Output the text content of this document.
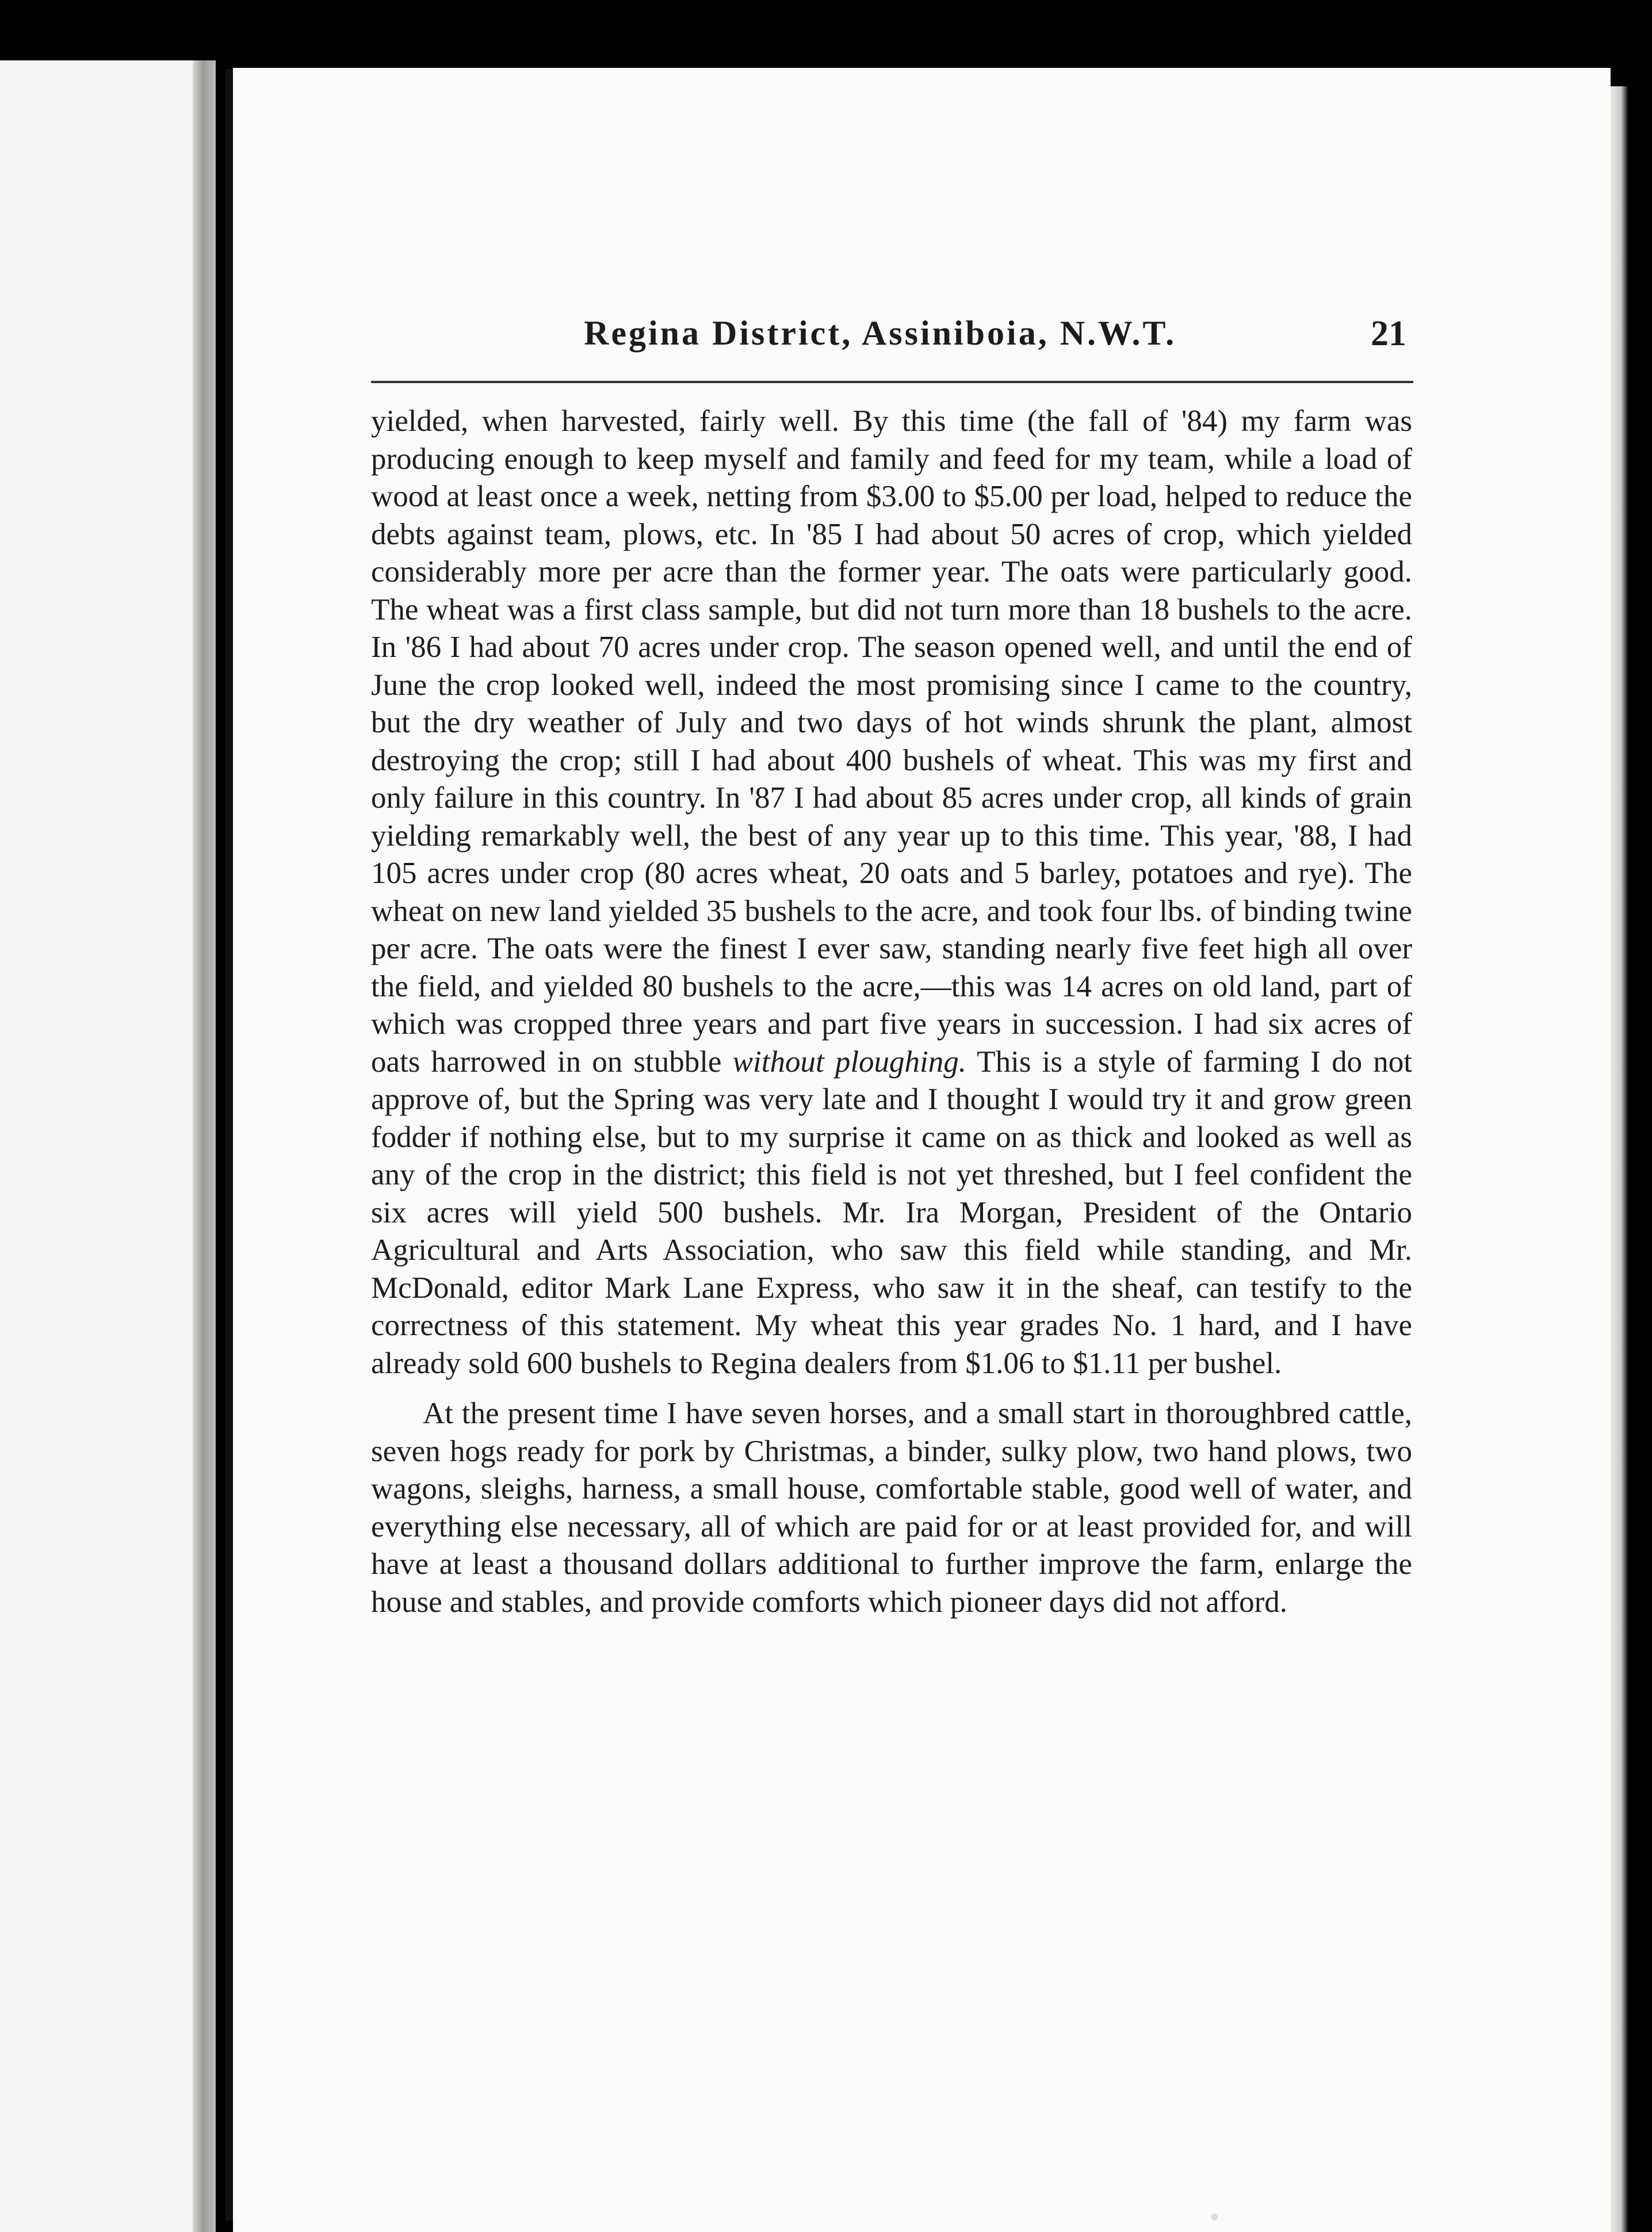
Regina District, Assiniboia, N.W.T.	21

yielded, when harvested, fairly well. By this time (the fall of '84) my farm was producing enough to keep myself and family and feed for my team, while a load of wood at least once a week, netting from $3.00 to $5.00 per load, helped to reduce the debts against team, plows, etc. In '85 I had about 50 acres of crop, which yielded considerably more per acre than the former year. The oats were particularly good. The wheat was a first class sample, but did not turn more than 18 bushels to the acre. In '86 I had about 70 acres under crop. The season opened well, and until the end of June the crop looked well, indeed the most promising since I came to the country, but the dry weather of July and two days of hot winds shrunk the plant, almost destroying the crop; still I had about 400 bushels of wheat. This was my first and only failure in this country. In '87 I had about 85 acres under crop, all kinds of grain yielding remarkably well, the best of any year up to this time. This year, '88, I had 105 acres under crop (80 acres wheat, 20 oats and 5 barley, potatoes and rye). The wheat on new land yielded 35 bushels to the acre, and took four lbs. of binding twine per acre. The oats were the finest I ever saw, standing nearly five feet high all over the field, and yielded 80 bushels to the acre,—this was 14 acres on old land, part of which was cropped three years and part five years in succession. I had six acres of oats harrowed in on stubble without ploughing. This is a style of farming I do not approve of, but the Spring was very late and I thought I would try it and grow green fodder if nothing else, but to my surprise it came on as thick and looked as well as any of the crop in the district; this field is not yet threshed, but I feel confident the six acres will yield 500 bushels. Mr. Ira Morgan, President of the Ontario Agricultural and Arts Association, who saw this field while standing, and Mr. McDonald, editor Mark Lane Express, who saw it in the sheaf, can testify to the correctness of this statement. My wheat this year grades No. 1 hard, and I have already sold 600 bushels to Regina dealers from $1.06 to $1.11 per bushel.

At the present time I have seven horses, and a small start in thoroughbred cattle, seven hogs ready for pork by Christmas, a binder, sulky plow, two hand plows, two wagons, sleighs, harness, a small house, comfortable stable, good well of water, and everything else necessary, all of which are paid for or at least provided for, and will have at least a thousand dollars additional to further improve the farm, enlarge the house and stables, and provide comforts which pioneer days did not afford.
